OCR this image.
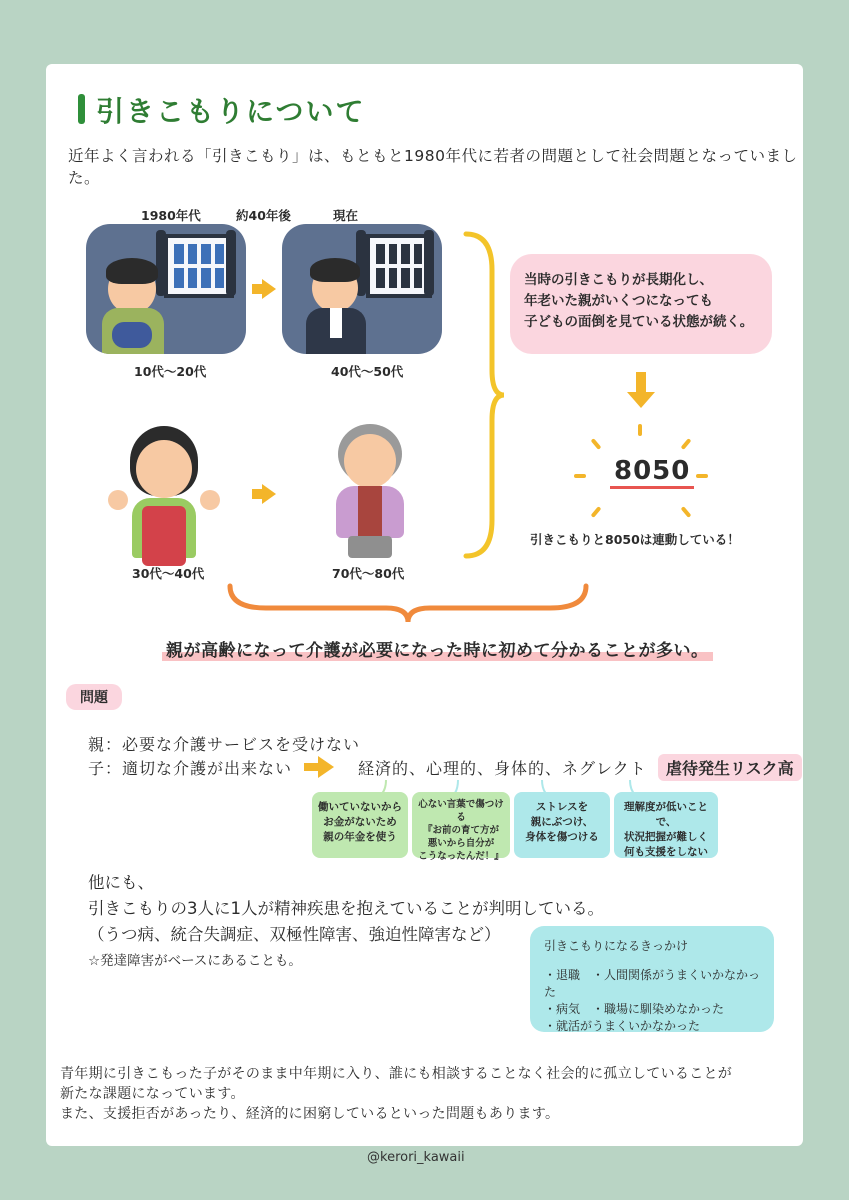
引きこもりについて
近年よく言われる「引きこもり」は、もともと1980年代に若者の問題として社会問題となっていました。
1980年代	約40年後	現在
10代～20代	40代～50代
30代～40代	70代～80代
当時の引きこもりが長期化し、
年老いた親がいくつになっても
子どもの面倒を見ている状態が続く。
8050
引きこもりと8050は連動している！
親が高齢になって介護が必要になった時に初めて分かることが多い。
問題
親：必要な介護サービスを受けない
子：適切な介護が出来ない	経済的、心理的、身体的、ネグレクト	虐待発生リスク高
働いていないから
お金がないため
親の年金を使う
心ない言葉で傷つける
『お前の育て方が
悪いから自分が
こうなったんだ！』
ストレスを
親にぶつけ、
身体を傷つける
理解度が低いことで、
状況把握が難しく
何も支援をしない
他にも、
引きこもりの3人に1人が精神疾患を抱えていることが判明している。
（うつ病、統合失調症、双極性障害、強迫性障害など）
☆発達障害がベースにあることも。
引きこもりになるきっかけ
・退職　・人間関係がうまくいかなかった
・病気　・職場に馴染めなかった
・就活がうまくいかなかった
青年期に引きこもった子がそのまま中年期に入り、誰にも相談することなく社会的に孤立していることが
新たな課題になっています。
また、支援拒否があったり、経済的に困窮しているといった問題もあります。
@kerori_kawaii
